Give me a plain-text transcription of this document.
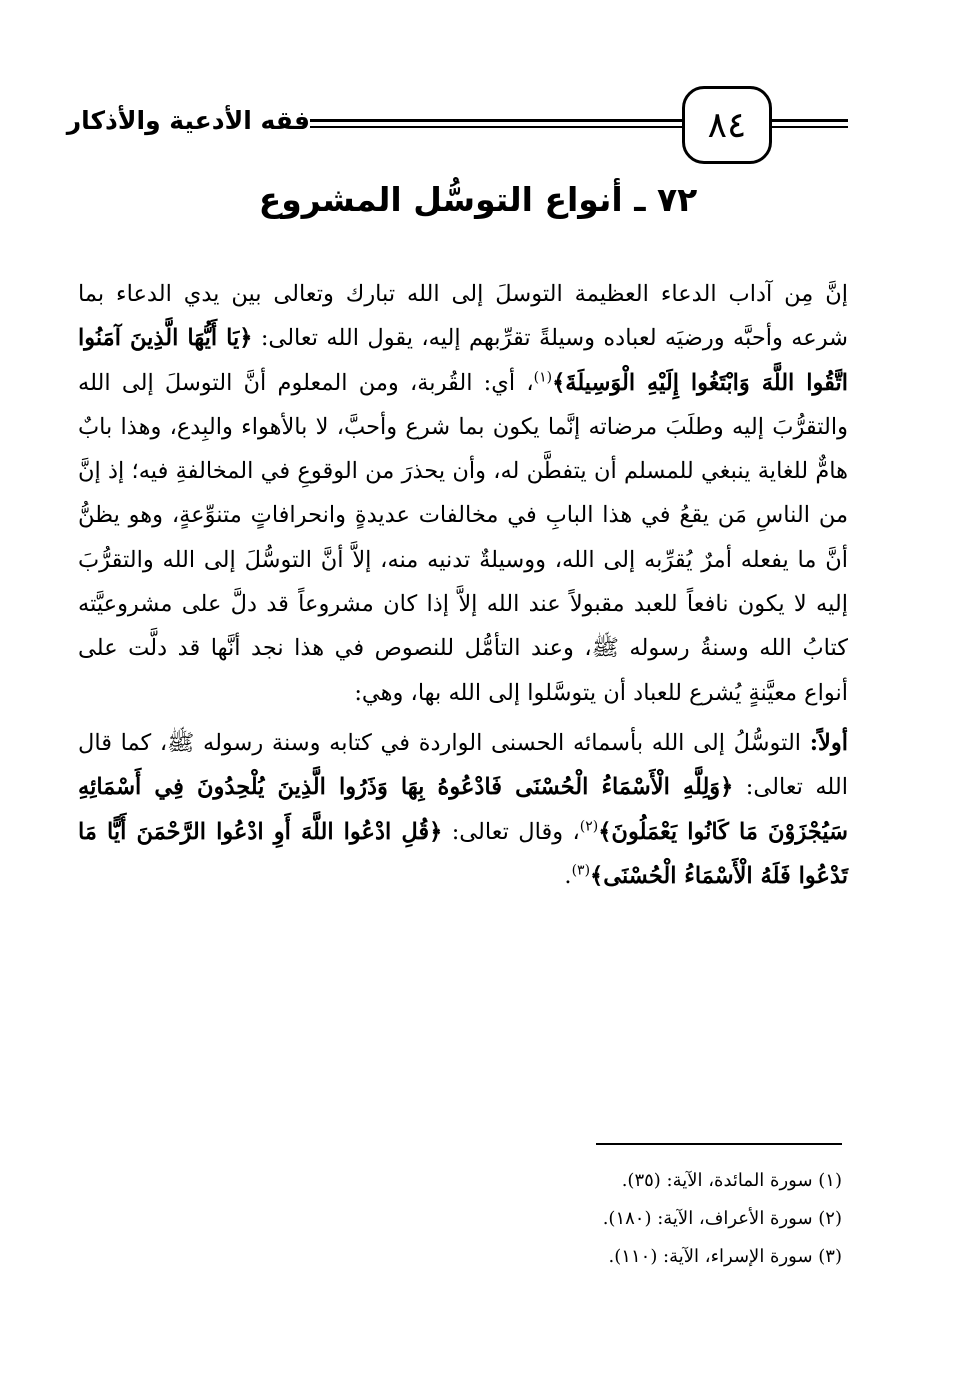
فقه الأدعية والأذكار	٨٤
٧٢ ـ أنواع التوسُّل المشروع

إنَّ مِن آداب الدعاء العظيمة التوسلَ إلى الله تبارك وتعالى بين يدي الدعاء بما شرعه وأحبَّه ورضيَه لعباده وسيلةً تقرِّبهم إليه، يقول الله تعالى: ﴿يَا أَيُّهَا الَّذِينَ آمَنُوا اتَّقُوا اللَّهَ وَابْتَغُوا إِلَيْهِ الْوَسِيلَةَ﴾$^{(١)}$، أي: القُربة، ومن المعلوم أنَّ التوسلَ إلى الله والتقرُّبَ إليه وطلَبَ مرضاته إنَّما يكون بما شرع وأحبَّ، لا بالأهواء والبِدع، وهذا بابٌ هامٌّ للغاية ينبغي للمسلم أن يتفطَّن له، وأن يحذرَ من الوقوعِ في المخالفةِ فيه؛ إذ إنَّ من الناسِ مَن يقعُ في هذا البابِ في مخالفات عديدةٍ وانحرافاتٍ متنوِّعةٍ، وهو يظنُّ أنَّ ما يفعله أمرٌ يُقرِّبه إلى الله، ووسيلةٌ تدنيه منه، إلاَّ أنَّ التوسُّلَ إلى الله والتقرُّبَ إليه لا يكون نافعاً للعبد مقبولاً عند الله إلاَّ إذا كان مشروعاً قد دلَّ على مشروعيَّته كتابُ الله وسنةُ رسوله ﷺ، وعند التأمُّل للنصوص في هذا نجد أنَّها قد دلَّت على أنواع معيَّنةٍ يُشرع للعباد أن يتوسَّلوا إلى الله بها، وهي:

أولاً: التوسُّلُ إلى الله بأسمائه الحسنى الواردة في كتابه وسنة رسوله ﷺ، كما قال الله تعالى: ﴿وَلِلَّهِ الْأَسْمَاءُ الْحُسْنَى فَادْعُوهُ بِهَا وَذَرُوا الَّذِينَ يُلْحِدُونَ فِي أَسْمَائِهِ سَيُجْزَوْنَ مَا كَانُوا يَعْمَلُونَ﴾$^{(٢)}$، وقال تعالى: ﴿قُلِ ادْعُوا اللَّهَ أَوِ ادْعُوا الرَّحْمَنَ أَيًّا مَا تَدْعُوا فَلَهُ الْأَسْمَاءُ الْحُسْنَى﴾$^{(٣)}$.

(١) سورة المائدة، الآية: (٣٥).
(٢) سورة الأعراف، الآية: (١٨٠).
(٣) سورة الإسراء، الآية: (١١٠).
